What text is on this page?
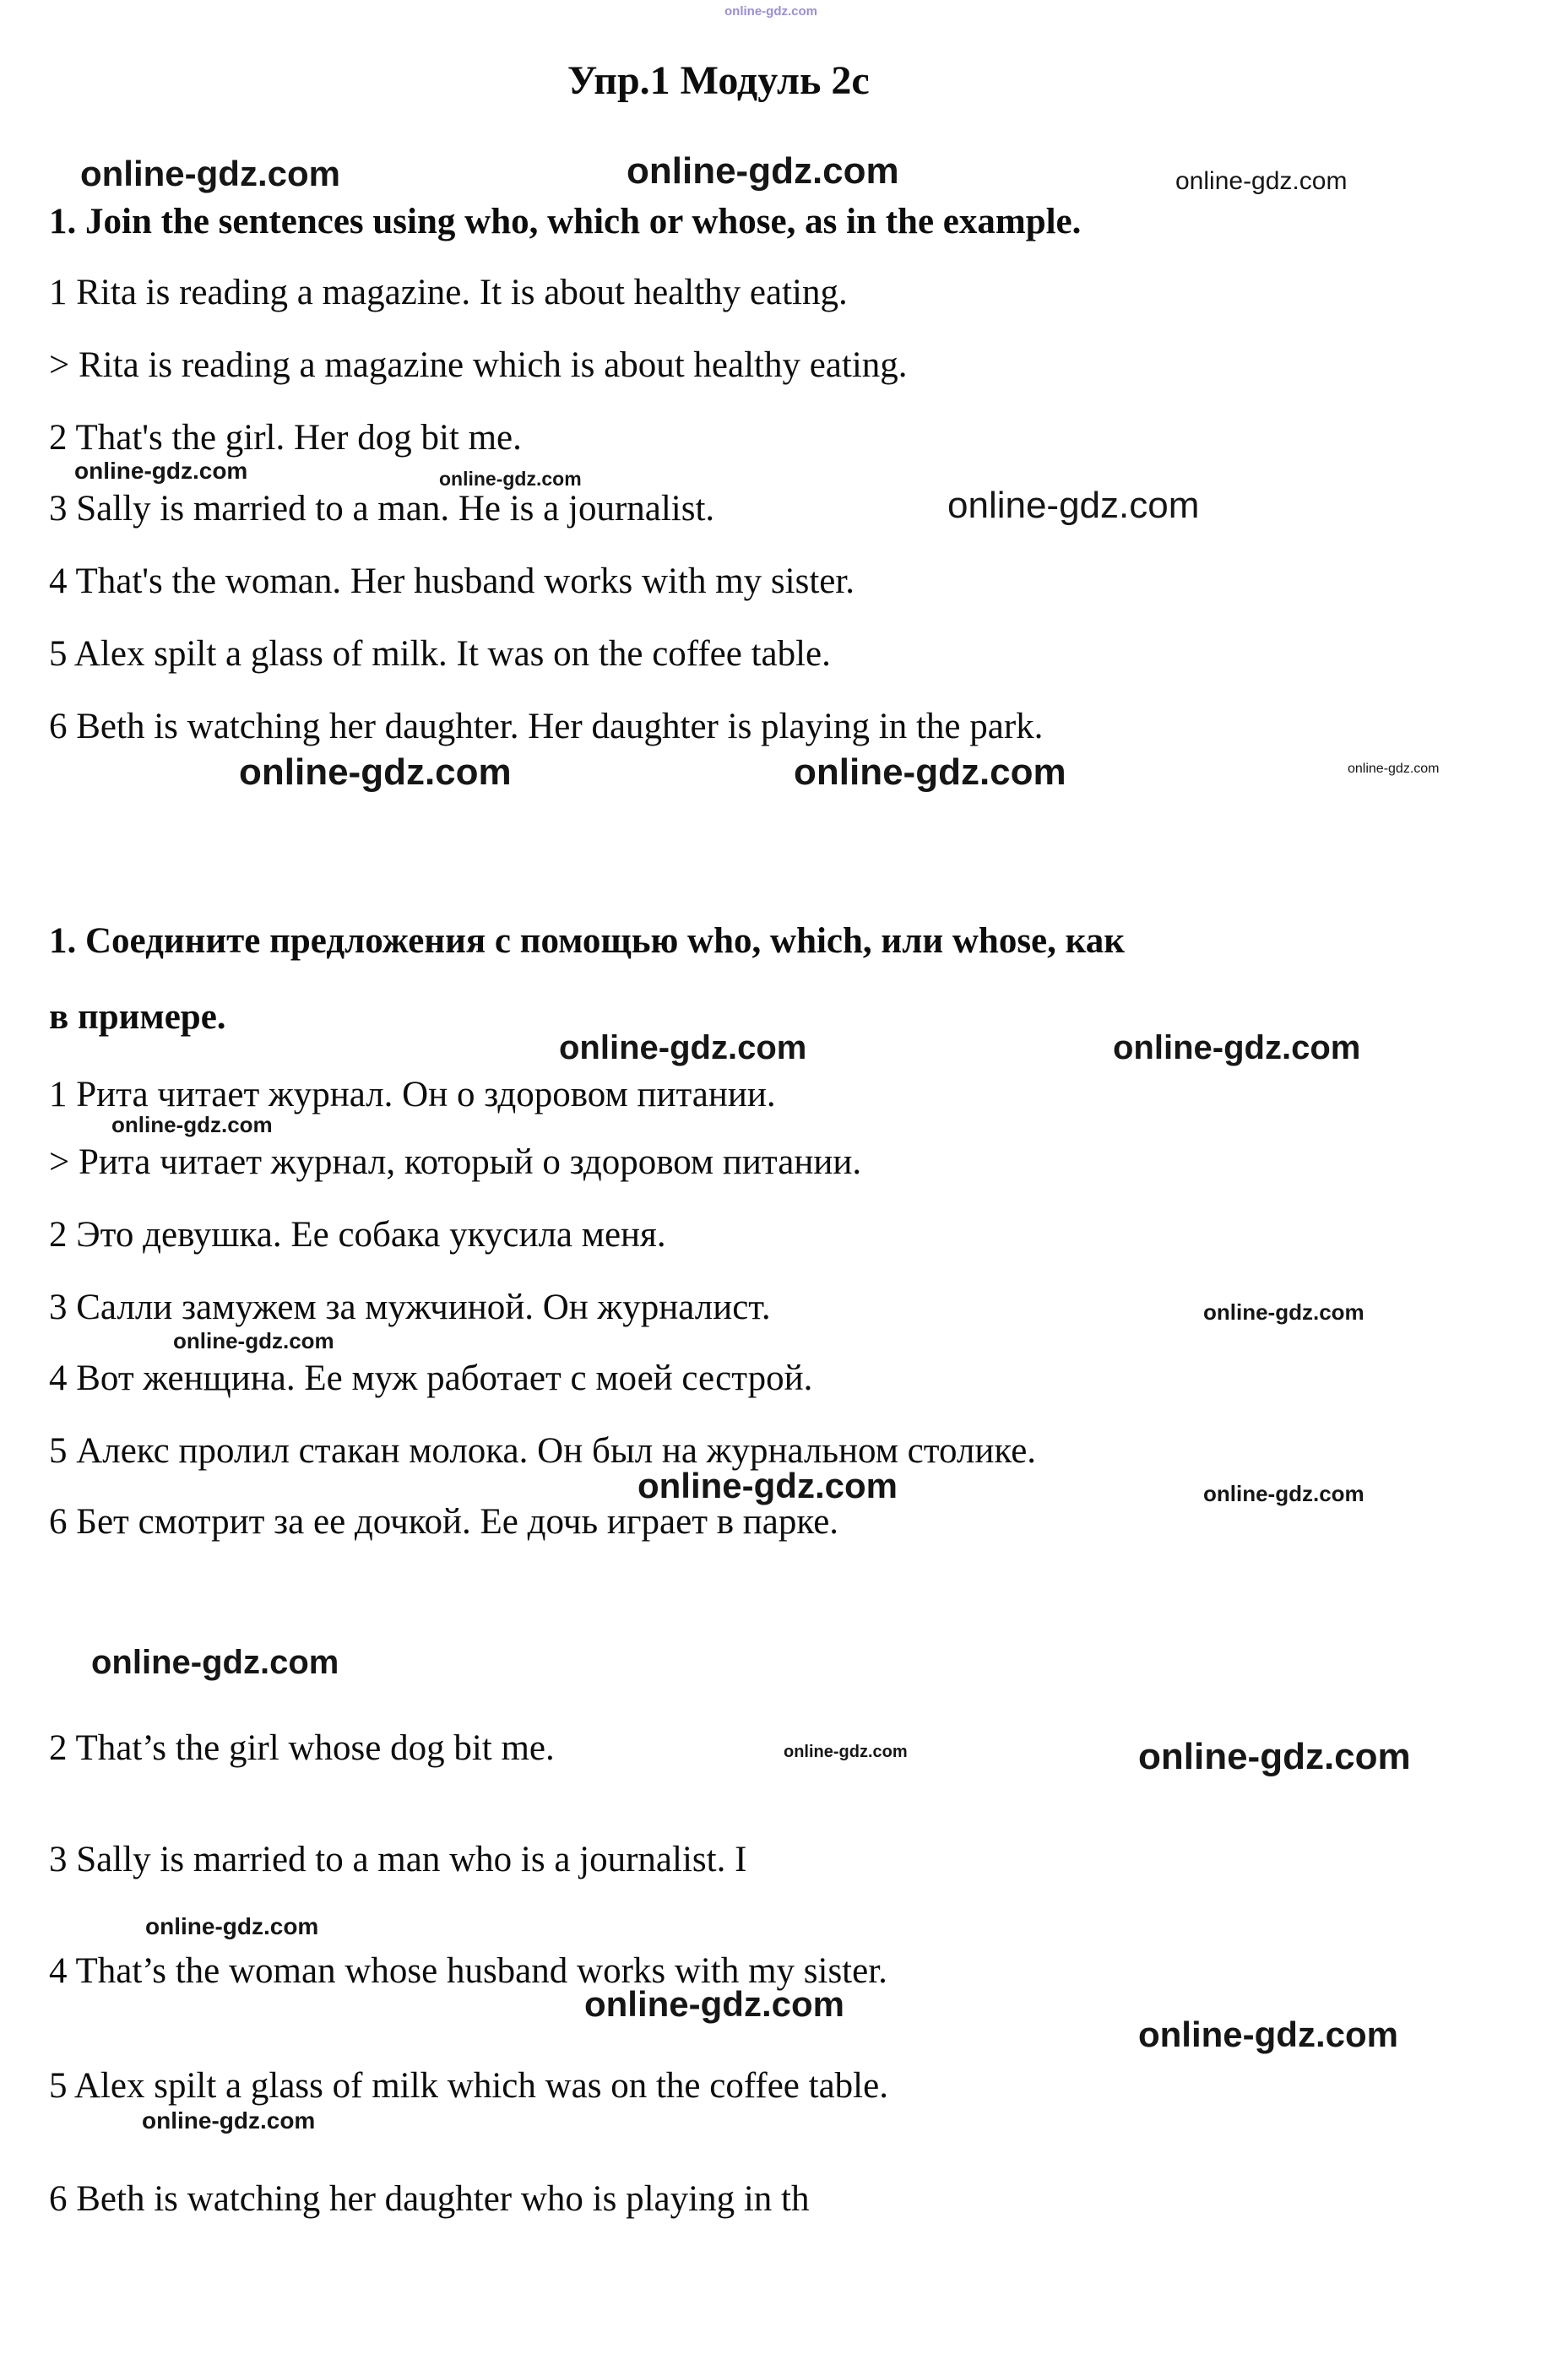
online-gdz.com
Упр.1 Модуль 2c
online-gdz.com	online-gdz.com	online-gdz.com
1. Join the sentences using who, which or whose, as in the example.
1 Rita is reading a magazine. It is about healthy eating.
> Rita is reading a magazine which is about healthy eating.
2 That's the girl. Her dog bit me.
online-gdz.com	online-gdz.com
3 Sally is married to a man. He is a journalist.	online-gdz.com
4 That's the woman. Her husband works with my sister.
5 Alex spilt a glass of milk. It was on the coffee table.
6 Beth is watching her daughter. Her daughter is playing in the park.
online-gdz.com	online-gdz.com	online-gdz.com
1. Соедините предложения с помощью who, which, или whose, как
в примере.
online-gdz.com	online-gdz.com
1 Рита читает журнал. Он о здоровом питании.
online-gdz.com
> Рита читает журнал, который о здоровом питании.
2 Это девушка. Ее собака укусила меня.
3 Салли замужем за мужчиной. Он журналист.	online-gdz.com
online-gdz.com
4 Вот женщина. Ее муж работает с моей сестрой.
5 Алекс пролил стакан молока. Он был на журнальном столике.
online-gdz.com	online-gdz.com
6 Бет смотрит за ее дочкой. Ее дочь играет в парке.
online-gdz.com
2 That’s the girl whose dog bit me.	online-gdz.com	online-gdz.com
3 Sally is married to a man who is a journalist. I
online-gdz.com
4 That’s the woman whose husband works with my sister.
online-gdz.com
online-gdz.com
5 Alex spilt a glass of milk which was on the coffee table.
online-gdz.com
6 Beth is watching her daughter who is playing in th
